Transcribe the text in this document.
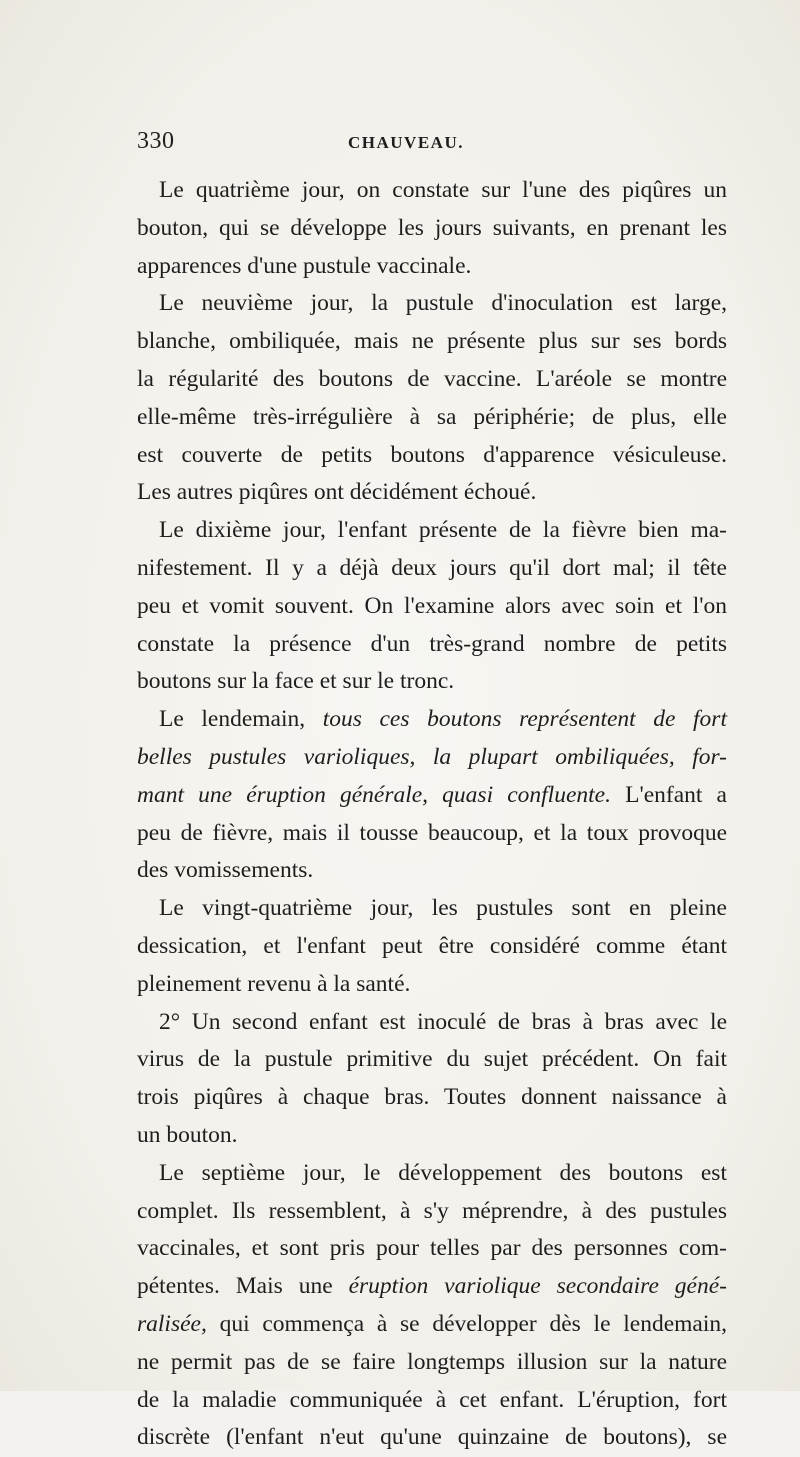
330	CHAUVEAU.
Le quatrième jour, on constate sur l'une des piqûres un
bouton, qui se développe les jours suivants, en prenant les
apparences d'une pustule vaccinale.
Le neuvième jour, la pustule d'inoculation est large,
blanche, ombiliquée, mais ne présente plus sur ses bords
la régularité des boutons de vaccine. L'aréole se montre
elle-même très-irrégulière à sa périphérie; de plus, elle
est couverte de petits boutons d'apparence vésiculeuse.
Les autres piqûres ont décidément échoué.
Le dixième jour, l'enfant présente de la fièvre bien ma-
nifestement. Il y a déjà deux jours qu'il dort mal; il tête
peu et vomit souvent. On l'examine alors avec soin et l'on
constate la présence d'un très-grand nombre de petits
boutons sur la face et sur le tronc.
Le lendemain, tous ces boutons représentent de fort
belles pustules varioliques, la plupart ombiliquées, for-
mant une éruption générale, quasi confluente. L'enfant a
peu de fièvre, mais il tousse beaucoup, et la toux provoque
des vomissements.
Le vingt-quatrième jour, les pustules sont en pleine
dessication, et l'enfant peut être considéré comme étant
pleinement revenu à la santé.
2° Un second enfant est inoculé de bras à bras avec le
virus de la pustule primitive du sujet précédent. On fait
trois piqûres à chaque bras. Toutes donnent naissance à
un bouton.
Le septième jour, le développement des boutons est
complet. Ils ressemblent, à s'y méprendre, à des pustules
vaccinales, et sont pris pour telles par des personnes com-
pétentes. Mais une éruption variolique secondaire géné-
ralisée, qui commença à se développer dès le lendemain,
ne permit pas de se faire longtemps illusion sur la nature
de la maladie communiquée à cet enfant. L'éruption, fort
discrète (l'enfant n'eut qu'une quinzaine de boutons), se
